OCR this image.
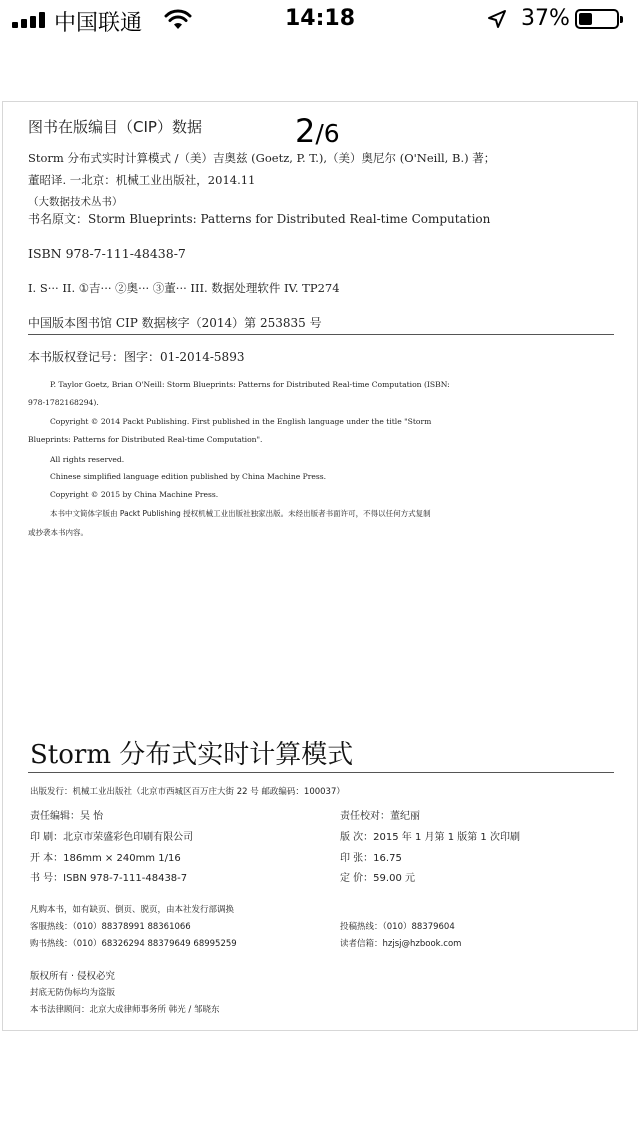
中国联通	14:18	37%
2/6
图书在版编目（CIP）数据
Storm 分布式实时计算模式 /（美）吉奥兹 (Goetz, P. T.),（美）奥尼尔 (O'Neill, B.) 著；
董昭译. 一北京：机械工业出版社，2014.11
（大数据技术丛书）
书名原文：Storm Blueprints: Patterns for Distributed Real-time Computation
ISBN 978-7-111-48438-7
I. S··· II. ①吉··· ②奥··· ③董··· III. 数据处理软件 IV. TP274
中国版本图书馆 CIP 数据核字（2014）第 253835 号
本书版权登记号：图字：01-2014-5893
P. Taylor Goetz, Brian O'Neill: Storm Blueprints: Patterns for Distributed Real-time Computation (ISBN:
978-1782168294).
Copyright © 2014 Packt Publishing. First published in the English language under the title "Storm
Blueprints: Patterns for Distributed Real-time Computation".
All rights reserved.
Chinese simplified language edition published by China Machine Press.
Copyright © 2015 by China Machine Press.
本书中文简体字版由 Packt Publishing 授权机械工业出版社独家出版。未经出版者书面许可，不得以任何方式复制
或抄袭本书内容。
Storm 分布式实时计算模式
出版发行：机械工业出版社（北京市西城区百万庄大街 22 号 邮政编码：100037）
责任编辑：吴 怡	责任校对：董纪丽
印 刷：北京市荣盛彩色印刷有限公司	版 次：2015 年 1 月第 1 版第 1 次印刷
开 本：186mm × 240mm 1/16	印 张：16.75
书 号：ISBN 978-7-111-48438-7	定 价：59.00 元
凡购本书，如有缺页、倒页、脱页，由本社发行部调换
客服热线：（010）88378991 88361066	投稿热线：（010）88379604
购书热线：（010）68326294 88379649 68995259	读者信箱：hzjsj@hzbook.com
版权所有 · 侵权必究
封底无防伪标均为盗版
本书法律顾问：北京大成律师事务所 韩光 / 邹晓东
